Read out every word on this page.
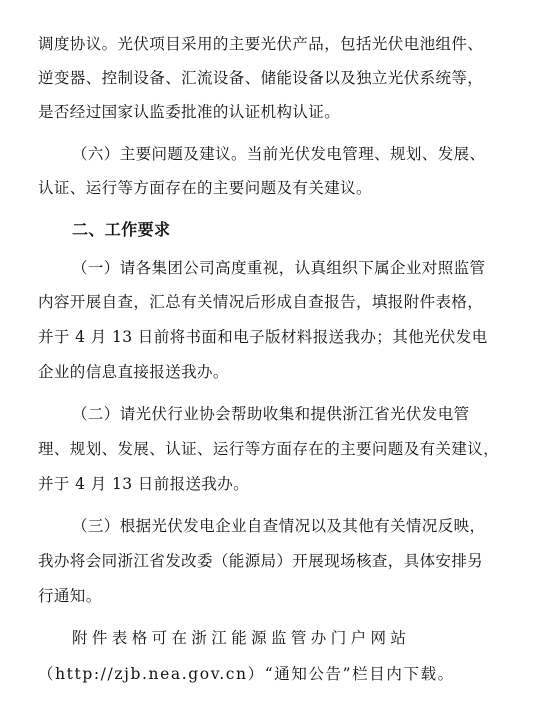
调度协议。光伏项目采用的主要光伏产品，包括光伏电池组件、
逆变器、控制设备、汇流设备、储能设备以及独立光伏系统等，
是否经过国家认监委批准的认证机构认证。
（六）主要问题及建议。当前光伏发电管理、规划、发展、
认证、运行等方面存在的主要问题及有关建议。
二、工作要求
（一）请各集团公司高度重视，认真组织下属企业对照监管
内容开展自查，汇总有关情况后形成自查报告，填报附件表格，
并于 4 月 13 日前将书面和电子版材料报送我办；其他光伏发电
企业的信息直接报送我办。
（二）请光伏行业协会帮助收集和提供浙江省光伏发电管
理、规划、发展、认证、运行等方面存在的主要问题及有关建议，
并于 4 月 13 日前报送我办。
（三）根据光伏发电企业自查情况以及其他有关情况反映，
我办将会同浙江省发改委（能源局）开展现场核查，具体安排另
行通知。
附件表格可在浙江能源监管办门户网站
（http://zjb.nea.gov.cn）“通知公告”栏目内下载。
